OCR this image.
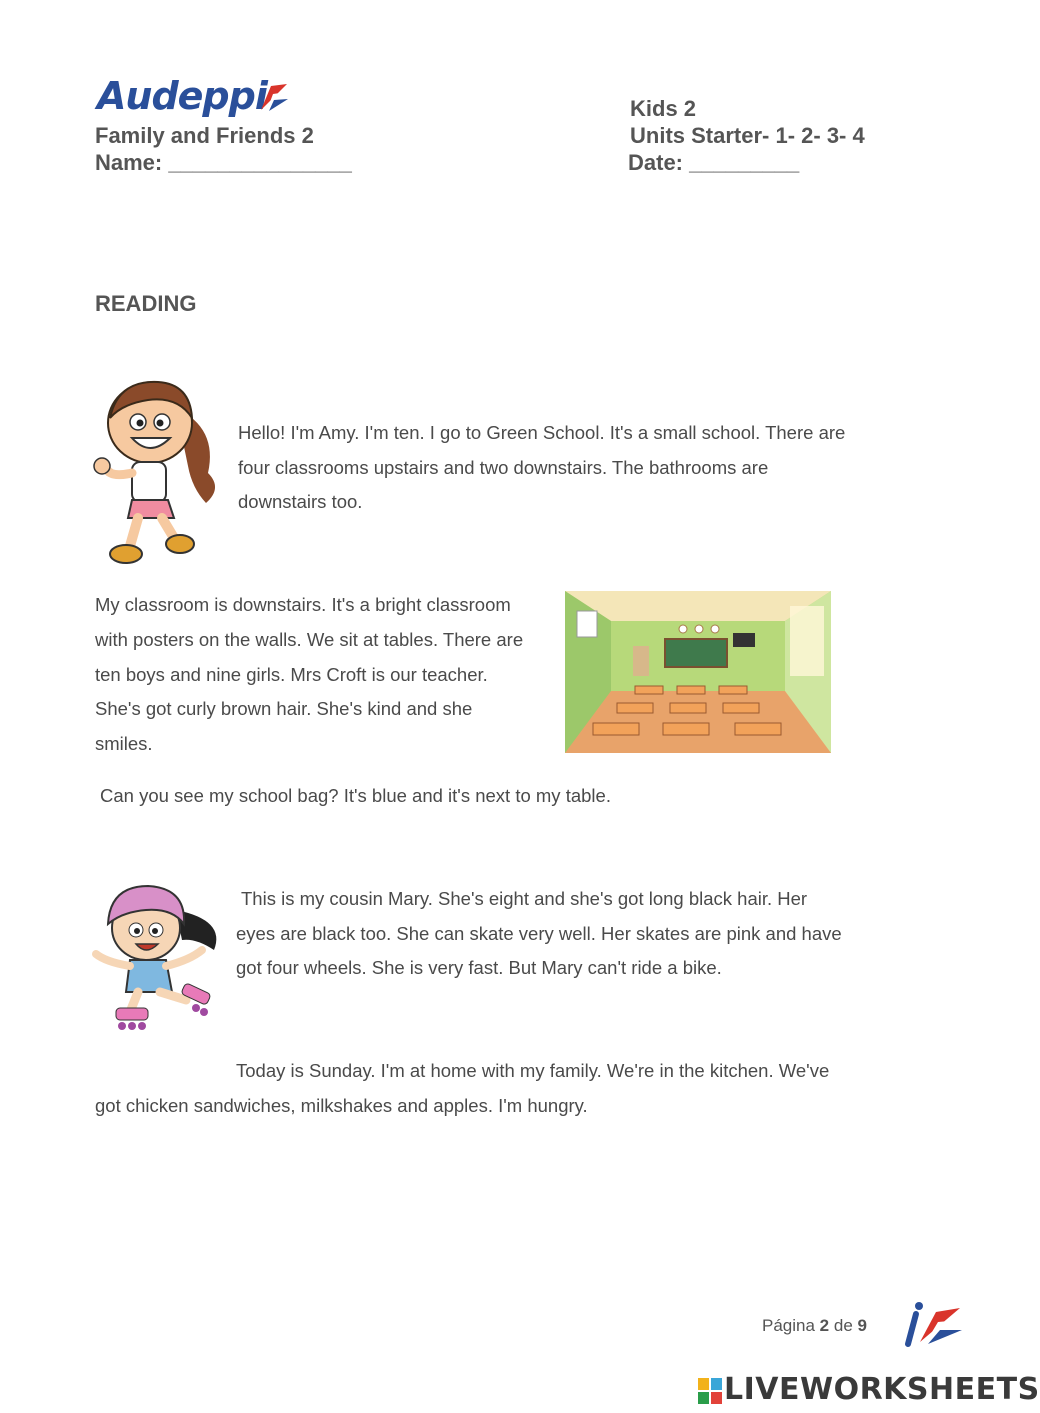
Audeppi
Family and Friends 2
Name: _______________
Kids 2
Units Starter- 1- 2- 3- 4
Date: _________
READING
Hello! I'm Amy. I'm ten. I go to Green School. It's a small school. There are
four classrooms upstairs and two downstairs. The bathrooms are
downstairs too.
My classroom is downstairs. It's a bright classroom
with posters on the walls. We sit at tables. There are
ten boys and nine girls. Mrs Croft is our teacher.
She's got curly brown hair. She's kind and she
smiles.
Can you see my school bag? It's blue and it's next to my table.
This is my cousin Mary. She's eight and she's got long black hair. Her
eyes are black too. She can skate very well. Her skates are pink and have
got four wheels. She is very fast. But Mary can't ride a bike.
Today is Sunday. I'm at home with my family. We're in the kitchen. We've
got chicken sandwiches, milkshakes and apples. I'm hungry.
Página 2 de 9
LIVEWORKSHEETS
